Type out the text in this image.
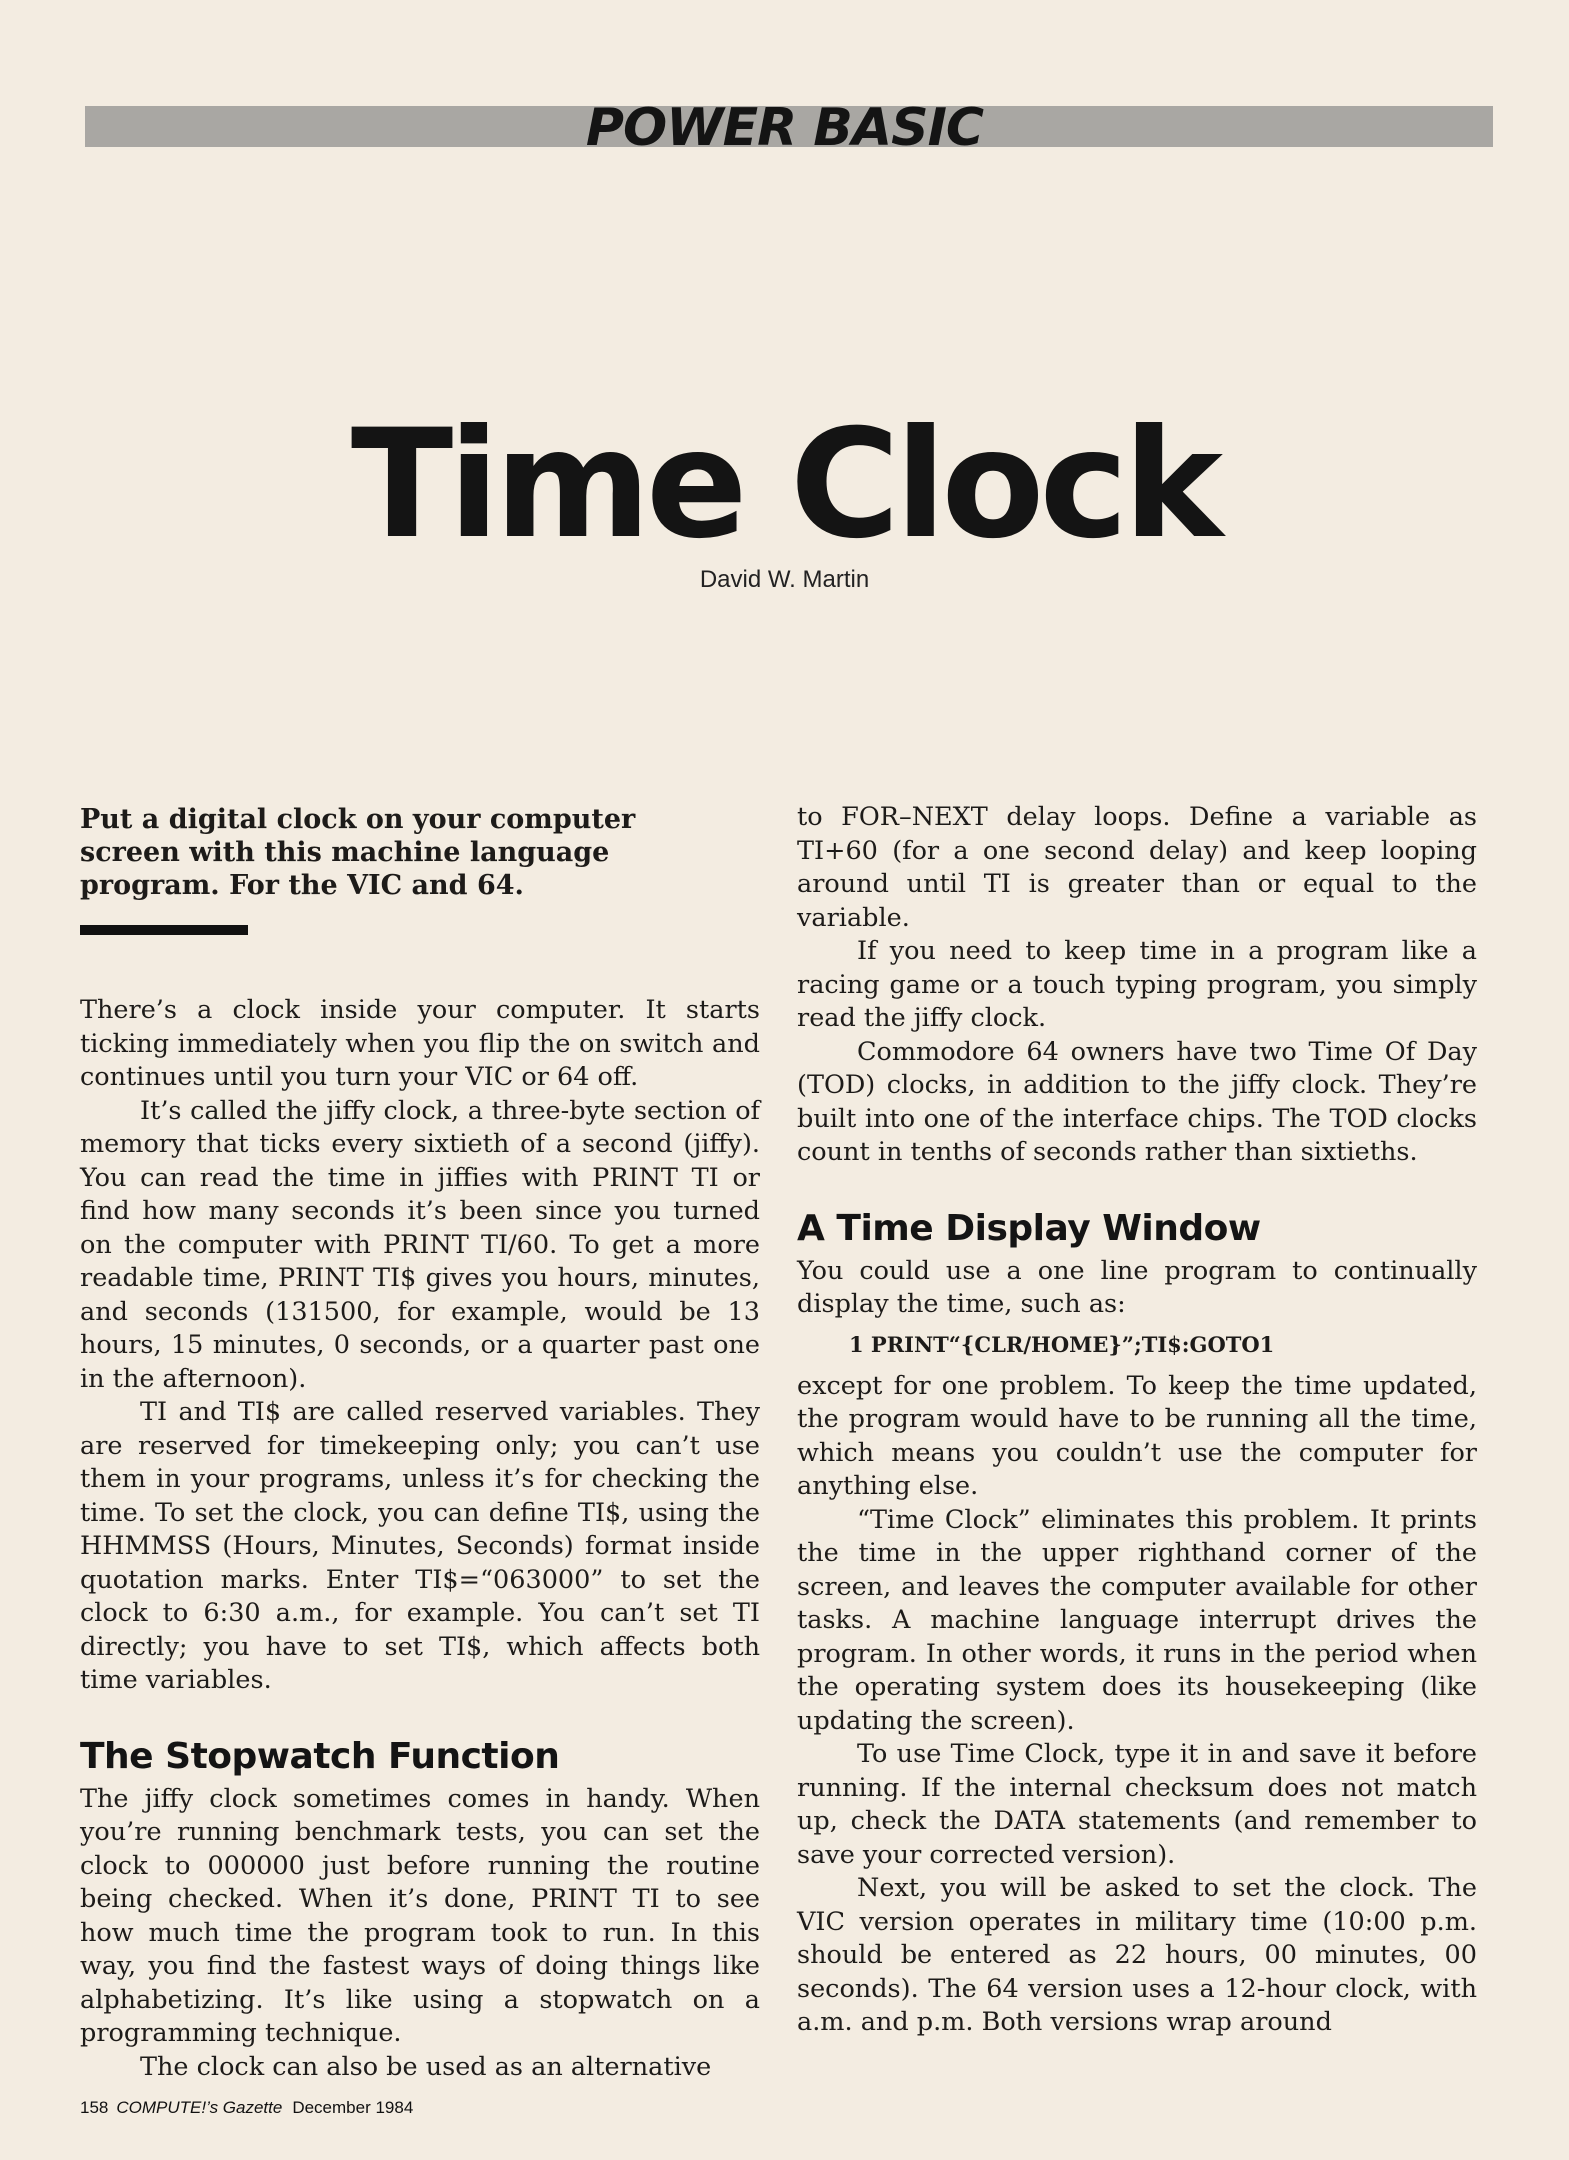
POWER BASIC
Time Clock
David W. Martin
Put a digital clock on your computer screen with this machine language program. For the VIC and 64.

There’s a clock inside your computer. It starts ticking immediately when you flip the on switch and continues until you turn your VIC or 64 off.

It’s called the jiffy clock, a three-byte section of memory that ticks every sixtieth of a second (jiffy). You can read the time in jiffies with PRINT TI or find how many seconds it’s been since you turned on the computer with PRINT TI/60. To get a more readable time, PRINT TI$ gives you hours, minutes, and seconds (131500, for example, would be 13 hours, 15 minutes, 0 seconds, or a quarter past one in the afternoon).

TI and TI$ are called reserved variables. They are reserved for timekeeping only; you can’t use them in your programs, unless it’s for checking the time. To set the clock, you can define TI$, using the HHMMSS (Hours, Minutes, Seconds) format inside quotation marks. Enter TI$=“063000” to set the clock to 6:30 a.m., for example. You can’t set TI directly; you have to set TI$, which affects both time variables.

The Stopwatch Function

The jiffy clock sometimes comes in handy. When you’re running benchmark tests, you can set the clock to 000000 just before running the routine being checked. When it’s done, PRINT TI to see how much time the program took to run. In this way, you find the fastest ways of doing things like alphabetizing. It’s like using a stopwatch on a programming technique.

The clock can also be used as an alternative

to FOR–NEXT delay loops. Define a variable as TI+60 (for a one second delay) and keep looping around until TI is greater than or equal to the variable.

If you need to keep time in a program like a racing game or a touch typing program, you simply read the jiffy clock.

Commodore 64 owners have two Time Of Day (TOD) clocks, in addition to the jiffy clock. They’re built into one of the interface chips. The TOD clocks count in tenths of seconds rather than sixtieths.

A Time Display Window

You could use a one line program to continually display the time, such as:

1 PRINT“{CLR/HOME}”;TI$:GOTO1

except for one problem. To keep the time updated, the program would have to be running all the time, which means you couldn’t use the computer for anything else.

“Time Clock” eliminates this problem. It prints the time in the upper righthand corner of the screen, and leaves the computer available for other tasks. A machine language interrupt drives the program. In other words, it runs in the period when the operating system does its housekeeping (like updating the screen).

To use Time Clock, type it in and save it before running. If the internal checksum does not match up, check the DATA statements (and remember to save your corrected version).

Next, you will be asked to set the clock. The VIC version operates in military time (10:00 p.m. should be entered as 22 hours, 00 minutes, 00 seconds). The 64 version uses a 12-hour clock, with a.m. and p.m. Both versions wrap around

158 COMPUTE!’s Gazette December 1984
